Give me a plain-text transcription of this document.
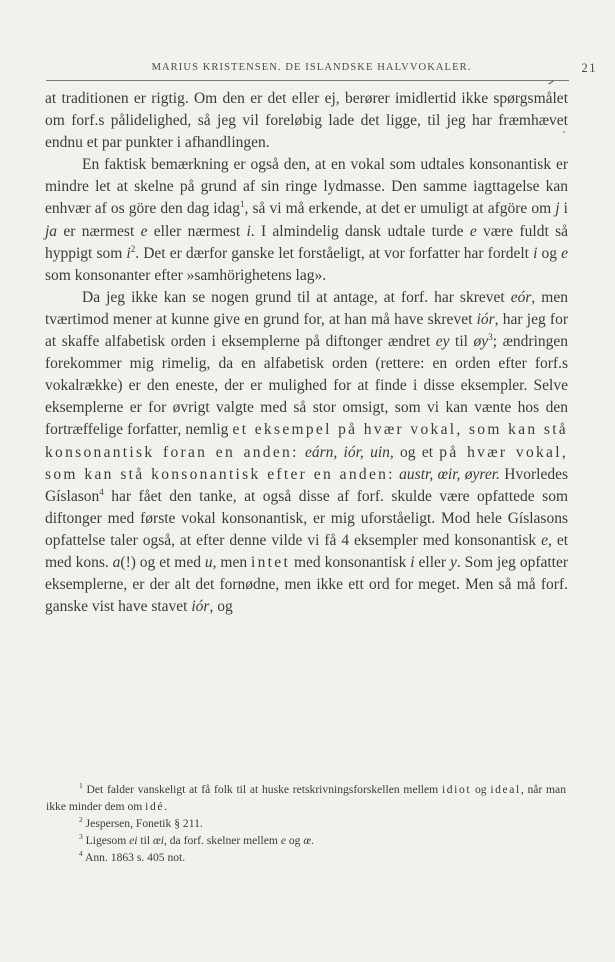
MARIUS KRISTENSEN. DE ISLANDSKE HALVVOKALER.	21

at traditionen er rigtig. Om den er det eller ej, berører imidlertid ikke spørgsmålet om forf.s pålidelighed, så jeg vil foreløbig lade det ligge, til jeg har fræmhævet endnu et par punkter i afhandlingen.

En faktisk bemærkning er også den, at en vokal som udtales konsonantisk er mindre let at skelne på grund af sin ringe lydmasse. Den samme iagttagelse kan enhvær af os göre den dag idag$^1$, så vi må erkende, at det er umuligt at afgöre om j i ja er nærmest e eller nærmest i. I almindelig dansk udtale turde e være fuldt så hyppigt som $i^2$. Det er dærfor ganske let forståeligt, at vor forfatter har fordelt i og e som konsonanter efter »samhörighetens lag».

Da jeg ikke kan se nogen grund til at antage, at forf. har skrevet eór, men tværtimod mener at kunne give en grund for, at han må have skrevet iór, har jeg for at skaffe alfabetisk orden i eksemplerne på diftonger ændret ey til $øy^3$; ændringen forekommer mig rimelig, da en alfabetisk orden (rettere: en orden efter forf.s vokalrække) er den eneste, der er mulighed for at finde i disse eksempler. Selve eksemplerne er for øvrigt valgte med så stor omsigt, som vi kan vænte hos den fortræffelige forfatter, nemlig et eksempel på hvær vokal, som kan stå konsonantisk foran en anden: eárn, iór, uin, og et på hvær vokal, som kan stå konsonantisk efter en anden: austr, œir, øyrer. Hvorledes Gíslason$^4$ har fået den tanke, at også disse af forf. skulde være opfattede som diftonger med første vokal konsonantisk, er mig uforståeligt. Mod hele Gíslasons opfattelse taler også, at efter denne vilde vi få 4 eksempler med konsonantisk e, et med kons. a(!) og et med u, men intet med konsonantisk i eller y. Som jeg opfatter eksemplerne, er der alt det fornødne, men ikke ett ord for meget. Men så må forf. ganske vist have stavet iór, og

$^1$ Det falder vanskeligt at få folk til at huske retskrivningsforskellen mellem idiot og ideal, når man ikke minder dem om idé.

$^2$ Jespersen, Fonetik § 211.

$^3$ Ligesom ei til œi, da forf. skelner mellem e og œ.

$^4$ Ann. 1863 s. 405 not.
